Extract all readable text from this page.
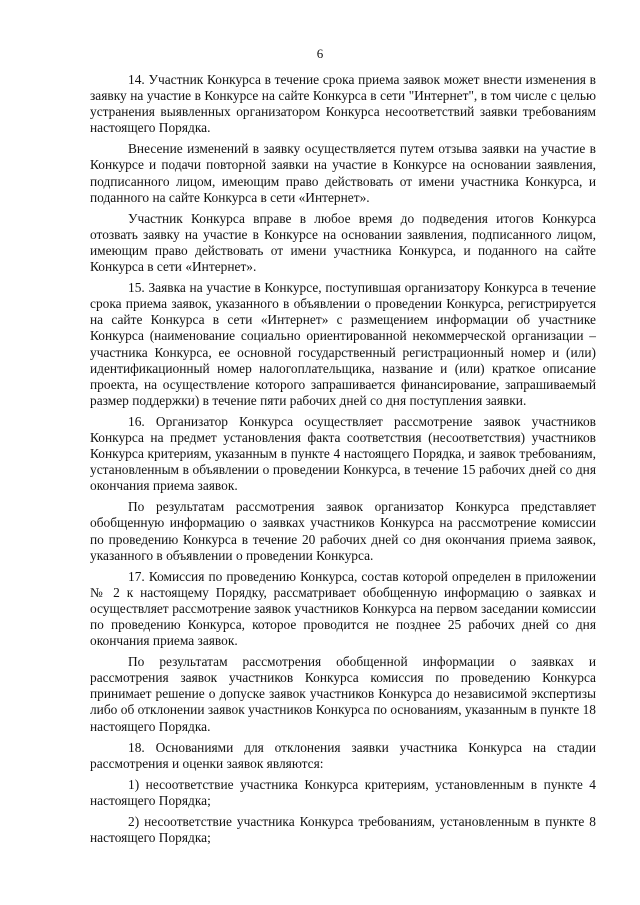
6

14. Участник Конкурса в течение срока приема заявок может внести изменения в заявку на участие в Конкурсе на сайте Конкурса в сети "Интернет", в том числе с целью устранения выявленных организатором Конкурса несоответствий заявки требованиям настоящего Порядка.

Внесение изменений в заявку осуществляется путем отзыва заявки на участие в Конкурсе и подачи повторной заявки на участие в Конкурсе на основании заявления, подписанного лицом, имеющим право действовать от имени участника Конкурса, и поданного на сайте Конкурса в сети «Интернет».

Участник Конкурса вправе в любое время до подведения итогов Конкурса отозвать заявку на участие в Конкурсе на основании заявления, подписанного лицом, имеющим право действовать от имени участника Конкурса, и поданного на сайте Конкурса в сети «Интернет».

15. Заявка на участие в Конкурсе, поступившая организатору Конкурса в течение срока приема заявок, указанного в объявлении о проведении Конкурса, регистрируется на сайте Конкурса в сети «Интернет» с размещением информации об участнике Конкурса (наименование социально ориентированной некоммерческой организации – участника Конкурса, ее основной государственный регистрационный номер и (или) идентификационный номер налогоплательщика, название и (или) краткое описание проекта, на осуществление которого запрашивается финансирование, запрашиваемый размер поддержки) в течение пяти рабочих дней со дня поступления заявки.

16. Организатор Конкурса осуществляет рассмотрение заявок участников Конкурса на предмет установления факта соответствия (несоответствия) участников Конкурса критериям, указанным в пункте 4 настоящего Порядка, и заявок требованиям, установленным в объявлении о проведении Конкурса, в течение 15 рабочих дней со дня окончания приема заявок.

По результатам рассмотрения заявок организатор Конкурса представляет обобщенную информацию о заявках участников Конкурса на рассмотрение комиссии по проведению Конкурса в течение 20 рабочих дней со дня окончания приема заявок, указанного в объявлении о проведении Конкурса.

17. Комиссия по проведению Конкурса, состав которой определен в приложении № 2 к настоящему Порядку, рассматривает обобщенную информацию о заявках и осуществляет рассмотрение заявок участников Конкурса на первом заседании комиссии по проведению Конкурса, которое проводится не позднее 25 рабочих дней со дня окончания приема заявок.

По результатам рассмотрения обобщенной информации о заявках и рассмотрения заявок участников Конкурса комиссия по проведению Конкурса принимает решение о допуске заявок участников Конкурса до независимой экспертизы либо об отклонении заявок участников Конкурса по основаниям, указанным в пункте 18 настоящего Порядка.

18. Основаниями для отклонения заявки участника Конкурса на стадии рассмотрения и оценки заявок являются:

1) несоответствие участника Конкурса критериям, установленным в пункте 4 настоящего Порядка;

2) несоответствие участника Конкурса требованиям, установленным в пункте 8 настоящего Порядка;
